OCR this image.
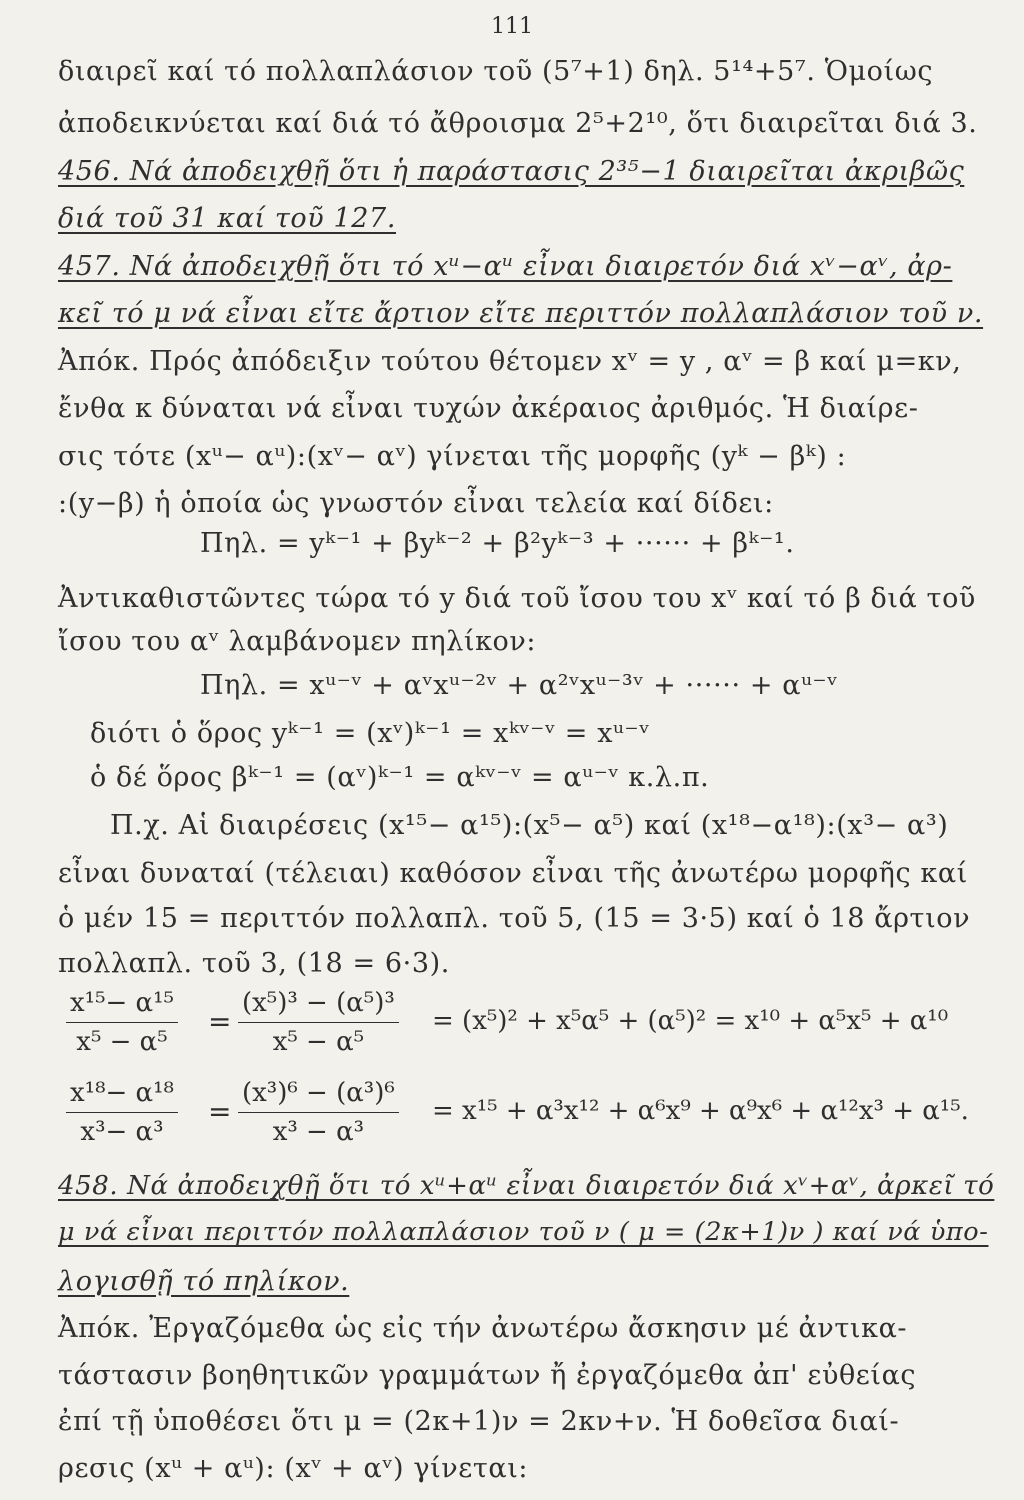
111
διαιρεῖ καί τό πολλαπλάσιον τοῦ (5⁷+1) δηλ. 5¹⁴+5⁷. Ὁμοίως
ἀποδεικνύεται καί διά τό ἄθροισμα 2⁵+2¹⁰, ὅτι διαιρεῖται διά 3.
456. Νά ἀποδειχθῇ ὅτι ἡ παράστασις 2³⁵−1 διαιρεῖται ἀκριβῶς
διά τοῦ 31 καί τοῦ 127.
457. Νά ἀποδειχθῇ ὅτι τό xᵘ−αᵘ εἶναι διαιρετόν διά xᵛ−αᵛ, ἀρ-
κεῖ τό μ νά εἶναι εἴτε ἄρτιον εἴτε περιττόν πολλαπλάσιον τοῦ ν.
Ἀπόκ. Πρός ἀπόδειξιν τούτου θέτομεν xᵛ = y , αᵛ = β καί μ=κν,
ἔνθα κ δύναται νά εἶναι τυχών ἀκέραιος ἀριθμός. Ἡ διαίρε-
σις τότε (xᵘ− αᵘ):(xᵛ− αᵛ) γίνεται τῆς μορφῆς (yᵏ − βᵏ) :
:(y−β) ἡ ὁποία ὡς γνωστόν εἶναι τελεία καί δίδει:
Πηλ. = yᵏ⁻¹ + βyᵏ⁻² + β²yᵏ⁻³ + ······ + βᵏ⁻¹.
Ἀντικαθιστῶντες τώρα τό y διά τοῦ ἴσου του xᵛ καί τό β διά τοῦ
ἴσου του αᵛ λαμβάνομεν πηλίκον:
Πηλ. = xᵘ⁻ᵛ + αᵛxᵘ⁻²ᵛ + α²ᵛxᵘ⁻³ᵛ + ······ + αᵘ⁻ᵛ
διότι ὁ ὅρος yᵏ⁻¹ = (xᵛ)ᵏ⁻¹ = xᵏᵛ⁻ᵛ = xᵘ⁻ᵛ
ὁ δέ ὅρος βᵏ⁻¹ = (αᵛ)ᵏ⁻¹ = αᵏᵛ⁻ᵛ = αᵘ⁻ᵛ κ.λ.π.
Π.χ. Αἱ διαιρέσεις (x¹⁵− α¹⁵):(x⁵− α⁵) καί (x¹⁸−α¹⁸):(x³− α³)
εἶναι δυναταί (τέλειαι) καθόσον εἶναι τῆς ἀνωτέρω μορφῆς καί
ὁ μέν 15 = περιττόν πολλαπλ. τοῦ 5, (15 = 3·5) καί ὁ 18 ἄρτιον
πολλαπλ. τοῦ 3, (18 = 6·3).
$\frac{\text{x¹⁵− α¹⁵}}{\text{x⁵ − α⁵}} = \frac{\text{(x⁵)³ − (α⁵)³}}{\text{x⁵ − α⁵}} = (x^5)^2 + x^5\alpha^5 + (\alpha^5)^2 = x^{10} + \alpha^5x^5 + \alpha^{10}$
$\frac{\text{x¹⁸− α¹⁸}}{\text{x³− α³}} = \frac{\text{(x³)⁶ − (α³)⁶}}{\text{x³ − α³}} = x^{15} + \alpha^3x^{12} + \alpha^6x^9 + \alpha^9x^6 + \alpha^{12}x^3 + \alpha^{15}$.
458. Νά ἀποδειχθῇ ὅτι τό xᵘ+αᵘ εἶναι διαιρετόν διά xᵛ+αᵛ, ἀρκεῖ τό
μ νά εἶναι περιττόν πολλαπλάσιον τοῦ ν ( μ = (2κ+1)ν ) καί νά ὑπο-
λογισθῇ τό πηλίκον.
Ἀπόκ. Ἐργαζόμεθα ὡς εἰς τήν ἀνωτέρω ἄσκησιν μέ ἀντικα-
τάστασιν βοηθητικῶν γραμμάτων ἤ ἐργαζόμεθα ἀπ' εὐθείας
ἐπί τῇ ὑποθέσει ὅτι μ = (2κ+1)ν = 2κν+ν. Ἡ δοθεῖσα διαί-
ρεσις (xᵘ + αᵘ): (xᵛ + αᵛ) γίνεται:
